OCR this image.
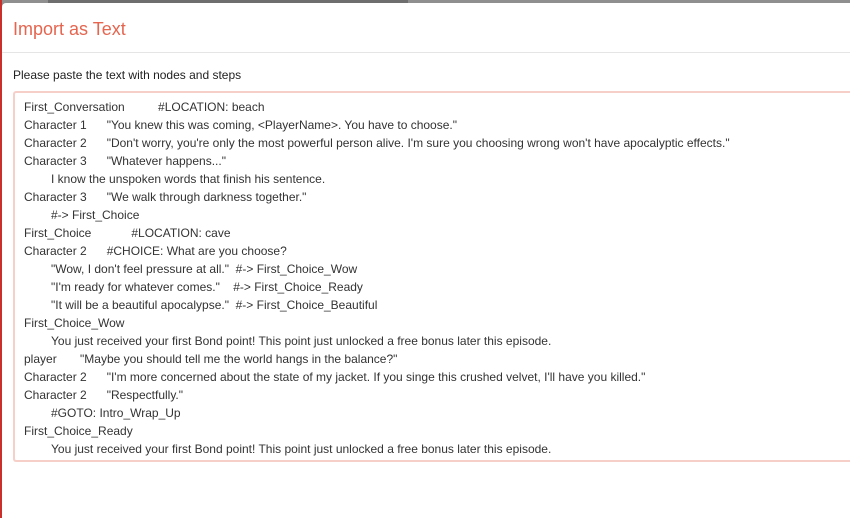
Import as Text
Please paste the text with nodes and steps
First_Conversation          #LOCATION: beach
Character 1      "You knew this was coming, <PlayerName>. You have to choose."
Character 2      "Don't worry, you're only the most powerful person alive. I'm sure you choosing wrong won't have apocalyptic effects."
Character 3      "Whatever happens..."
I know the unspoken words that finish his sentence.
Character 3      "We walk through darkness together."
#-> First_Choice
First_Choice            #LOCATION: cave
Character 2      #CHOICE: What are you choose?
"Wow, I don't feel pressure at all."  #-> First_Choice_Wow
"I'm ready for whatever comes."    #-> First_Choice_Ready
"It will be a beautiful apocalypse."  #-> First_Choice_Beautiful
First_Choice_Wow
You just received your first Bond point! This point just unlocked a free bonus later this episode.
player       "Maybe you should tell me the world hangs in the balance?"
Character 2      "I'm more concerned about the state of my jacket. If you singe this crushed velvet, I'll have you killed."
Character 2      "Respectfully."
#GOTO: Intro_Wrap_Up
First_Choice_Ready
You just received your first Bond point! This point just unlocked a free bonus later this episode.
